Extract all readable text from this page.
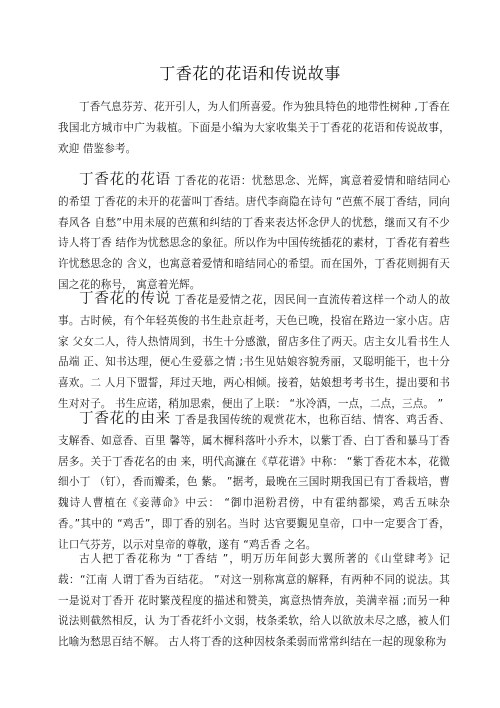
丁香花的花语和传说故事

丁香气息芬芳、花开引人，为人们所喜爱。作为独具特色的地带性树种 ,丁香在我国北方城市中广为栽植。下面是小编为大家收集关于丁香花的花语和传说故事，欢迎 借鉴参考。

丁香花的花语 丁香花的花语：忧愁思念、光辉，寓意着爱情和暗结同心的希望 丁香花的未开的花蕾叫丁香结。唐代李商隐在诗句 “芭蕉不展丁香结，同向春风各 自愁”中用未展的芭蕉和纠结的丁香来表达怀念伊人的忧愁，继而又有不少诗人将丁香 结作为忧愁思念的象征。所以作为中国传统插花的素材，丁香花有着些许忧愁思念的 含义，也寓意着爱情和暗结同心的希望。而在国外，丁香花则拥有天国之花的称号， 寓意着光辉。

丁香花的传说 丁香花是爱情之花，因民间一直流传着这样一个动人的故事。古时候，有个年轻英俊的书生赴京赶考，天色已晚，投宿在路边一家小店。店家 父女二人，待人热情周到，书生十分感激，留店多住了两天。店主女儿看书生人品端 正、知书达理，便心生爱慕之情 ;书生见姑娘容貌秀丽，又聪明能干，也十分喜欢。二 人月下盟誓，拜过天地，两心相倾。接着，姑娘想考考书生，提出要和书生对对子。 书生应诺，稍加思索，便出了上联： “氷冷酒，一点，二点，三点。 ”

丁香花的由来 丁香是我国传统的观赏花木，也称百结、情客、鸡舌香、支解香、如意香、百里 馨等，属木樨科落叶小乔木，以紫丁香、白丁香和暴马丁香居多。关于丁香花名的由 来，明代高濂在《草花谱》中称： “紫丁香花木本，花微细小丁 （钉），香而瓣柔，色 紫。 ”据考，最晚在三国时期我国已有丁香栽培，曹魏诗人曹植在《妾薄命》中云： “御巾浥粉君傍，中有霍纳都梁，鸡舌五味杂香。”其中的 “鸡舌”，即丁香的别名。当时 达官要覲见皇帝，口中一定要含丁香，让口气芬芳，以示对皇帝的尊敬，遂有 “鸡舌香 之名。

古人把丁香花称为 “丁香结 ”，明万历年间彭大翼所著的《山堂肆考》记载：“江南 人谓丁香为百结花。 ”对这一别称寓意的解释，有两种不同的说法。其一是说对丁香开 花时繁茂程度的描述和赞美，寓意热情奔放，美满幸福 ;而另一种说法则截然相反，认 为丁香花纤小文弱，枝条柔软，给人以欲放未尽之感，被人们比喻为愁思百结不解。 古人将丁香的这种因枝条柔弱而常常纠结在一起的现象称为
